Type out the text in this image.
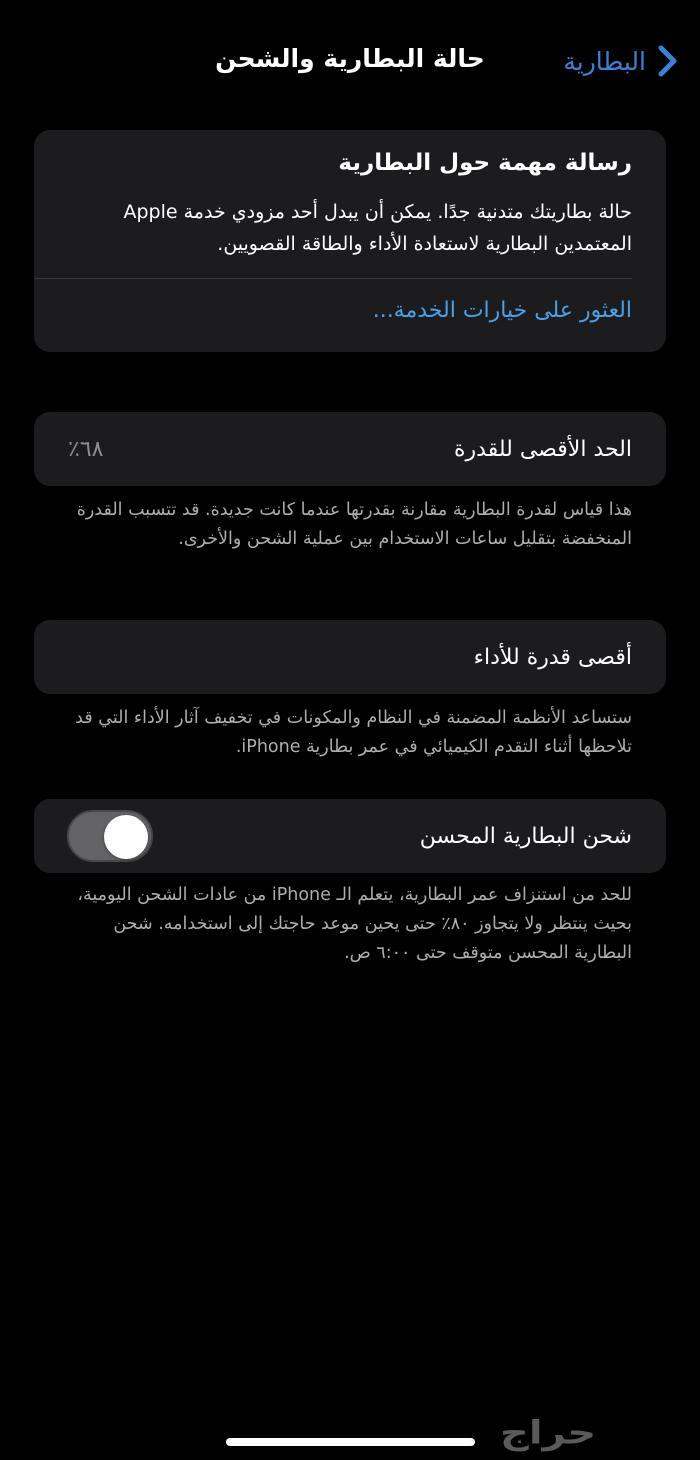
البطارية
حالة البطارية والشحن
رسالة مهمة حول البطارية
حالة بطاريتك متدنية جدًا. يمكن أن يبدل أحد مزودي خدمة Apple المعتمدين البطارية لاستعادة الأداء والطاقة القصويين.
العثور على خيارات الخدمة...
الحد الأقصى للقدرة
٪٦٨
هذا قياس لقدرة البطارية مقارنة بقدرتها عندما كانت جديدة. قد تتسبب القدرة المنخفضة بتقليل ساعات الاستخدام بين عملية الشحن والأخرى.
أقصى قدرة للأداء
ستساعد الأنظمة المضمنة في النظام والمكونات في تخفيف آثار الأداء التي قد تلاحظها أثناء التقدم الكيميائي في عمر بطارية iPhone.
شحن البطارية المحسن
للحد من استنزاف عمر البطارية، يتعلم الـ iPhone من عادات الشحن اليومية، بحيث ينتظر ولا يتجاوز ٨٠٪ حتى يحين موعد حاجتك إلى استخدامه. شحن البطارية المحسن متوقف حتى ٦:٠٠ ص.
حراج
